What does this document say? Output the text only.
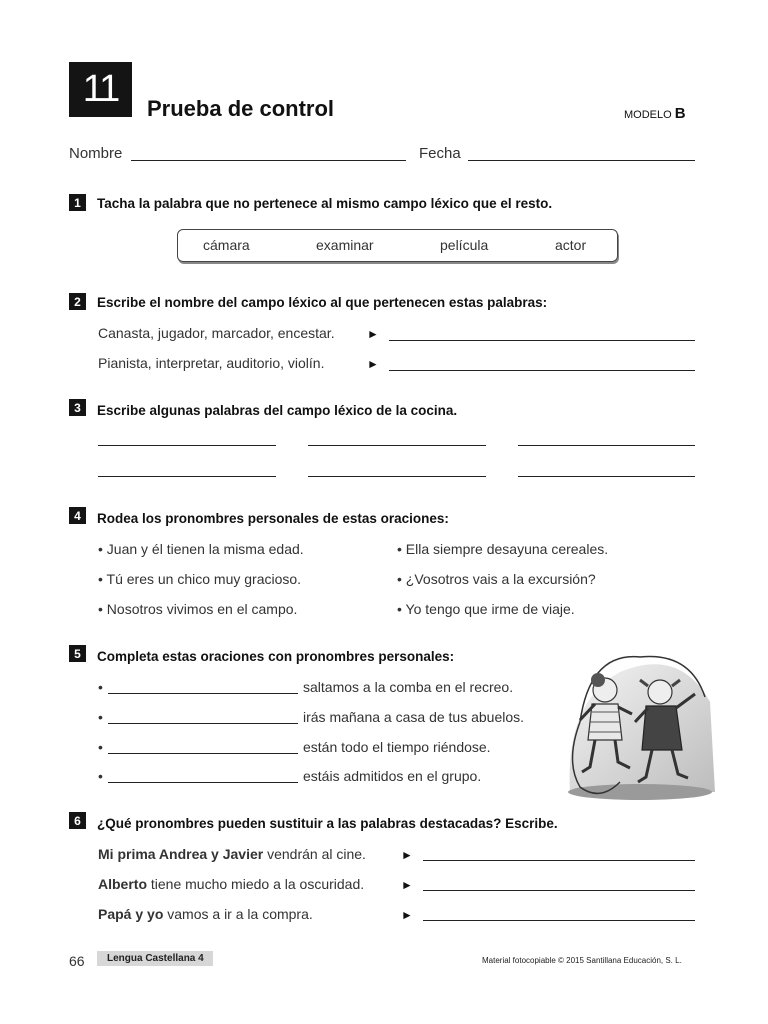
11 Prueba de control	MODELO B
Nombre	Fecha
1	Tacha la palabra que no pertenece al mismo campo léxico que el resto.
cámara	examinar	película	actor
2	Escribe el nombre del campo léxico al que pertenecen estas palabras:
Canasta, jugador, marcador, encestar.	►
Pianista, interpretar, auditorio, violín.	►
3	Escribe algunas palabras del campo léxico de la cocina.
4	Rodea los pronombres personales de estas oraciones:
• Juan y él tienen la misma edad.
• Tú eres un chico muy gracioso.
• Nosotros vivimos en el campo.
• Ella siempre desayuna cereales.
• ¿Vosotros vais a la excursión?
• Yo tengo que irme de viaje.
5	Completa estas oraciones con pronombres personales:
•	saltamos a la comba en el recreo.
•	irás mañana a casa de tus abuelos.
•	están todo el tiempo riéndose.
•	estáis admitidos en el grupo.
6	¿Qué pronombres pueden sustituir a las palabras destacadas? Escribe.
Mi prima Andrea y Javier vendrán al cine.	►
Alberto tiene mucho miedo a la oscuridad.	►
Papá y yo vamos a ir a la compra.	►
66	Lengua Castellana 4	Material fotocopiable © 2015 Santillana Educación, S. L.
